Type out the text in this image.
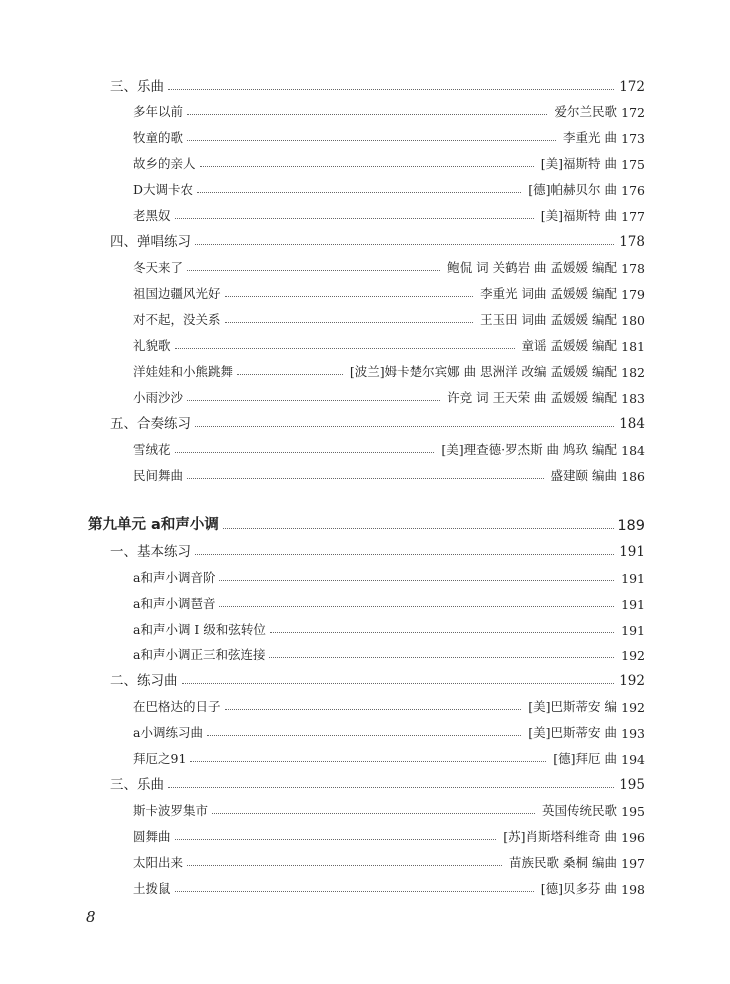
三、乐曲	172
多年以前	爱尔兰民歌 172
牧童的歌	李重光 曲 173
故乡的亲人	[美]福斯特 曲 175
D大调卡农	[德]帕赫贝尔 曲 176
老黑奴	[美]福斯特 曲 177
四、弹唱练习	178
冬天来了	鲍侃 词 关鹤岩 曲 孟媛媛 编配 178
祖国边疆风光好	李重光 词曲 孟媛媛 编配 179
对不起，没关系	王玉田 词曲 孟媛媛 编配 180
礼貌歌	童谣 孟媛媛 编配 181
洋娃娃和小熊跳舞	[波兰]姆卡楚尔宾娜 曲 思洲洋 改编 孟媛媛 编配 182
小雨沙沙	许竞 词 王天荣 曲 孟媛媛 编配 183
五、合奏练习	184
雪绒花	[美]理查德·罗杰斯 曲 鸠玖 编配 184
民间舞曲	盛建颐 编曲 186
第九单元 a和声小调	189
一、基本练习	191
a和声小调音阶	191
a和声小调琶音	191
a和声小调 Ⅰ 级和弦转位	191
a和声小调正三和弦连接	192
二、练习曲	192
在巴格达的日子	[美]巴斯蒂安 编 192
a小调练习曲	[美]巴斯蒂安 曲 193
拜厄之91	[德]拜厄 曲 194
三、乐曲	195
斯卡波罗集市	英国传统民歌 195
圆舞曲	[苏]肖斯塔科维奇 曲 196
太阳出来	苗族民歌 桑桐 编曲 197
土拨鼠	[德]贝多芬 曲 198
8
